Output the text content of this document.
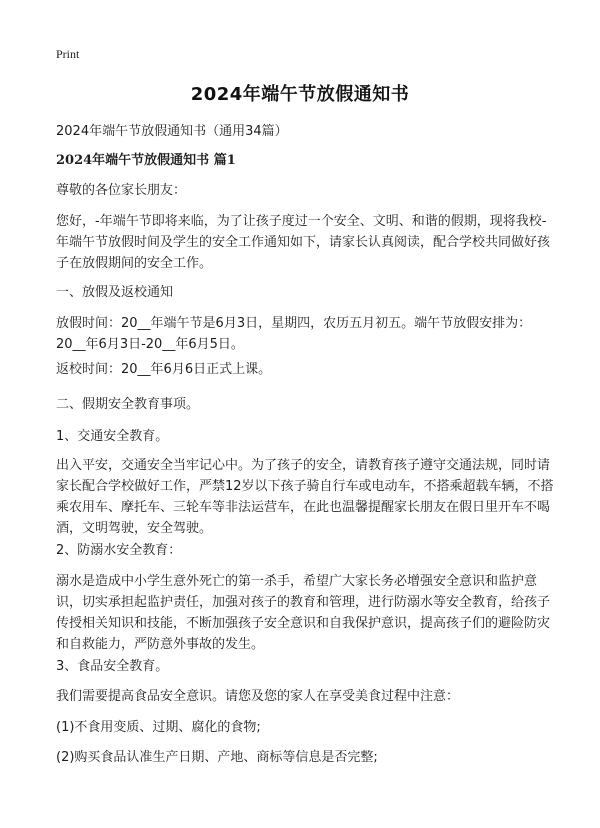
Print
2024年端午节放假通知书

2024年端午节放假通知书（通用34篇）

2024年端午节放假通知书 篇1

尊敬的各位家长朋友：

您好，-年端午节即将来临，为了让孩子度过一个安全、文明、和谐的假期，现将我校-年端午节放假时间及学生的安全工作通知如下，请家长认真阅读，配合学校共同做好孩子在放假期间的安全工作。

一、放假及返校通知

放假时间：20__年端午节是6月3日，星期四，农历五月初五。端午节放假安排为：20__年6月3日-20__年6月5日。

返校时间：20__年6月6日正式上课。

二、假期安全教育事项。

1、交通安全教育。

出入平安，交通安全当牢记心中。为了孩子的安全，请教育孩子遵守交通法规，同时请家长配合学校做好工作，严禁12岁以下孩子骑自行车或电动车，不搭乘超载车辆，不搭乘农用车、摩托车、三轮车等非法运营车，在此也温馨提醒家长朋友在假日里开车不喝酒，文明驾驶，安全驾驶。

2、防溺水安全教育：

溺水是造成中小学生意外死亡的第一杀手，希望广大家长务必增强安全意识和监护意识，切实承担起监护责任，加强对孩子的教育和管理，进行防溺水等安全教育，给孩子传授相关知识和技能，不断加强孩子安全意识和自我保护意识，提高孩子们的避险防灾和自救能力，严防意外事故的发生。

3、食品安全教育。

我们需要提高食品安全意识。请您及您的家人在享受美食过程中注意：

(1)不食用变质、过期、腐化的食物;

(2)购买食品认准生产日期、产地、商标等信息是否完整;
